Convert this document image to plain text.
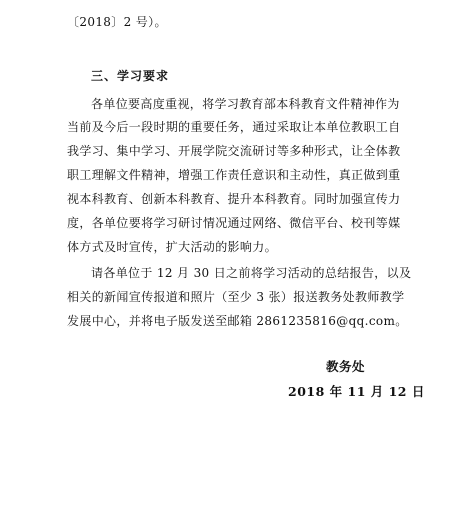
〔2018〕2 号）。
三、学习要求
各单位要高度重视，将学习教育部本科教育文件精神作为
当前及今后一段时期的重要任务，通过采取让本单位教职工自
我学习、集中学习、开展学院交流研讨等多种形式，让全体教
职工理解文件精神，增强工作责任意识和主动性，真正做到重
视本科教育、创新本科教育、提升本科教育。同时加强宣传力
度，各单位要将学习研讨情况通过网络、微信平台、校刊等媒
体方式及时宣传，扩大活动的影响力。
请各单位于 12 月 30 日之前将学习活动的总结报告，以及
相关的新闻宣传报道和照片（至少 3 张）报送教务处教师教学
发展中心，并将电子版发送至邮箱 2861235816@qq.com。
教务处
2018 年 11 月 12 日
